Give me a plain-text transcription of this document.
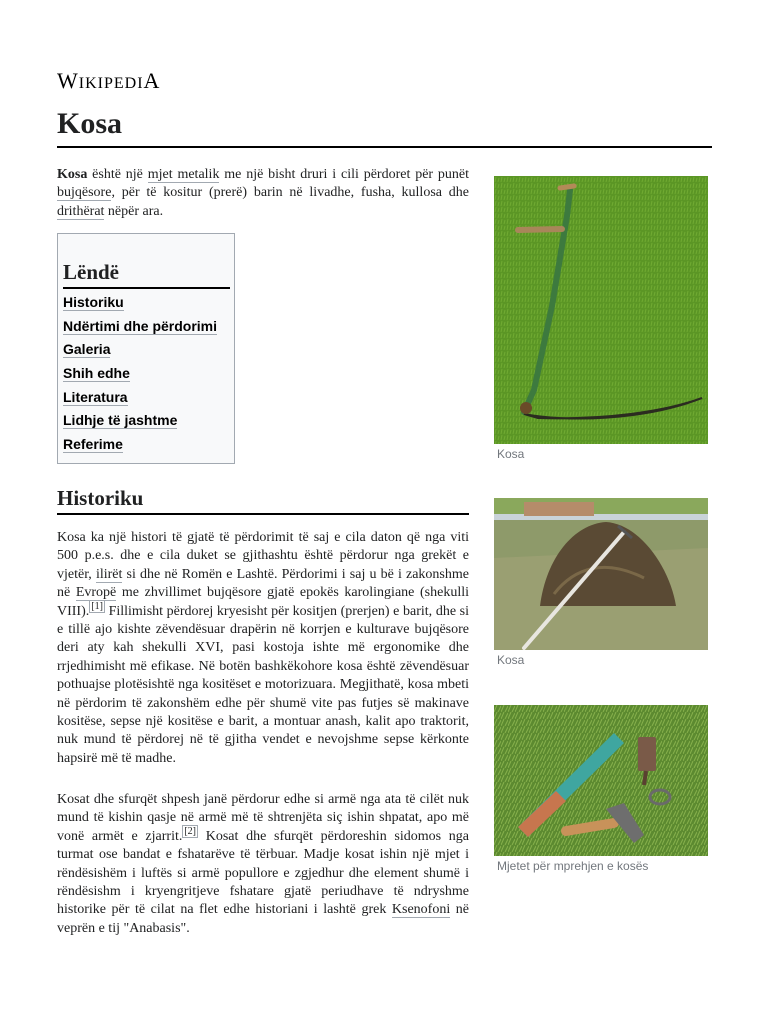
WIKIPEDIA
Kosa

Kosa është një mjet metalik me një bisht druri i cili përdoret për punët bujqësore, për të kositur (prerë) barin në livadhe, fusha, kullosa dhe drithërat nëpër ara.

Lëndë
Historiku
Ndërtimi dhe përdorimi
Galeria
Shih edhe
Literatura
Lidhje të jashtme
Referime
Historiku

Kosa ka një histori të gjatë të përdorimit të saj e cila daton që nga viti 500 p.e.s. dhe e cila duket se gjithashtu është përdorur nga grekët e vjetër, ilirët si dhe në Romën e Lashtë. Përdorimi i saj u bë i zakonshme në Evropë me zhvillimet bujqësore gjatë epokës karolingiane (shekulli VIII). [1] Fillimisht përdorej kryesisht për kositjen (prerjen) e barit, dhe si e tillë ajo kishte zëvendësuar drapërin në korrjen e kulturave bujqësore deri aty kah shekulli XVI, pasi kostoja ishte më ergonomike dhe rrjedhimisht më efikase. Në botën bashkëkohore kosa është zëvendësuar pothuajse plotësishtë nga kositëset e motorizuara. Megjithatë, kosa mbeti në përdorim të zakonshëm edhe për shumë vite pas futjes së makinave kositëse, sepse një kositëse e barit, a montuar anash, kalit apo traktorit, nuk mund të përdorej në të gjitha vendet e nevojshme sepse kërkonte hapsirë më të madhe.

Kosat dhe sfurqët shpesh janë përdorur edhe si armë nga ata të cilët nuk mund të kishin qasje në armë më të shtrenjëta siç ishin shpatat, apo më vonë armët e zjarrit. [2] Kosat dhe sfurqët përdoreshin sidomos nga turmat ose bandat e fshatarëve të tërbuar. Madje kosat ishin një mjet i rëndësishëm i luftës si armë popullore e zgjedhur dhe element shumë i rëndësishm i kryengritjeve fshatare gjatë periudhave të ndryshme historike për të cilat na flet edhe historiani i lashtë grek Ksenofoni në veprën e tij "Anabasis".

Kosa
Kosa
Mjetet për mprehjen e kosës
